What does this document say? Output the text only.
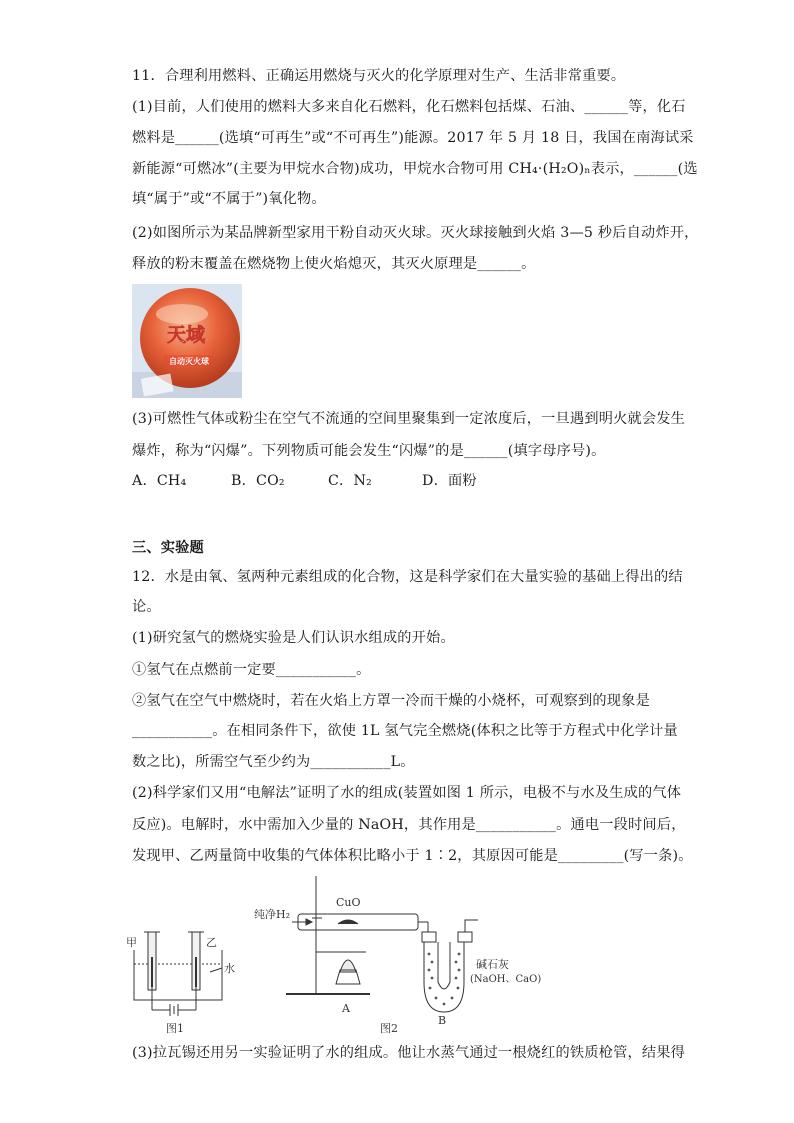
11．合理利用燃料、正确运用燃烧与灭火的化学原理对生产、生活非常重要。
(1)目前，人们使用的燃料大多来自化石燃料，化石燃料包括煤、石油、______等，化石
燃料是______(选填“可再生”或“不可再生”)能源。2017 年 5 月 18 日，我国在南海试采
新能源“可燃冰”(主要为甲烷水合物)成功，甲烷水合物可用 CH₄·(H₂O)ₙ表示，______(选
填“属于”或“不属于”)氧化物。
(2)如图所示为某品牌新型家用干粉自动灭火球。灭火球接触到火焰 3—5 秒后自动炸开，
释放的粉末覆盖在燃烧物上使火焰熄灭，其灭火原理是______。
天域
自动灭火球
(3)可燃性气体或粉尘在空气不流通的空间里聚集到一定浓度后，一旦遇到明火就会发生
爆炸，称为“闪爆”。下列物质可能会发生“闪爆”的是______(填字母序号)。
A．CH₄	B．CO₂	C．N₂	D．面粉
三、实验题
12．水是由氧、氢两种元素组成的化合物，这是科学家们在大量实验的基础上得出的结
论。
(1)研究氢气的燃烧实验是人们认识水组成的开始。
①氢气在点燃前一定要___________。
②氢气在空气中燃烧时，若在火焰上方罩一冷而干燥的小烧杯，可观察到的现象是
___________。在相同条件下，欲使 1L 氢气完全燃烧(体积之比等于方程式中化学计量
数之比)，所需空气至少约为___________L。
(2)科学家们又用“电解法”证明了水的组成(装置如图 1 所示，电极不与水及生成的气体
反应)。电解时，水中需加入少量的 NaOH，其作用是___________。通电一段时间后，
发现甲、乙两量筒中收集的气体体积比略小于 1∶2，其原因可能是_________(写一条)。
甲	乙
水
图1
纯净H₂
CuO
碱石灰
(NaOH、CaO)
A
B
图2
(3)拉瓦锡还用另一实验证明了水的组成。他让水蒸气通过一根烧红的铁质枪管，结果得
